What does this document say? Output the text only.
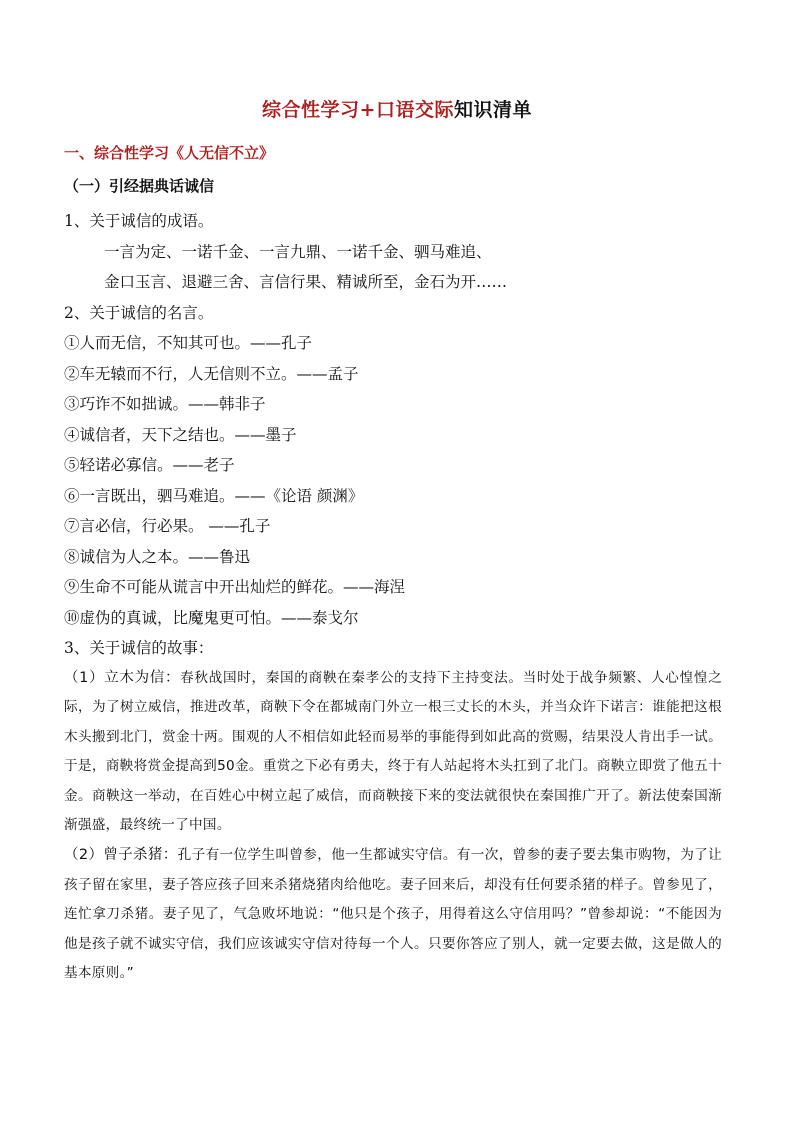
综合性学习+口语交际知识清单
一、综合性学习《人无信不立》
（一）引经据典话诚信
1、关于诚信的成语。
一言为定、一诺千金、一言九鼎、一诺千金、驷马难追、
金口玉言、退避三舍、言信行果、精诚所至，金石为开……
2、关于诚信的名言。
①人而无信，不知其可也。——孔子
②车无辕而不行，人无信则不立。——孟子
③巧诈不如拙诚。——韩非子
④诚信者，天下之结也。——墨子
⑤轻诺必寡信。——老子
⑥一言既出，驷马难追。——《论语 颜渊》
⑦言必信，行必果。 ——孔子
⑧诚信为人之本。——鲁迅
⑨生命不可能从谎言中开出灿烂的鲜花。——海涅
⑩虚伪的真诚，比魔鬼更可怕。——泰戈尔
3、关于诚信的故事：
（1）立木为信：春秋战国时，秦国的商鞅在秦孝公的支持下主持变法。当时处于战争频繁、人心惶惶之际，为了树立威信，推进改革，商鞅下令在都城南门外立一根三丈长的木头，并当众许下诺言：谁能把这根木头搬到北门，赏金十两。围观的人不相信如此轻而易举的事能得到如此高的赏赐，结果没人肯出手一试。于是，商鞅将赏金提高到50金。重赏之下必有勇夫，终于有人站起将木头扛到了北门。商鞅立即赏了他五十金。商鞅这一举动，在百姓心中树立起了威信，而商鞅接下来的变法就很快在秦国推广开了。新法使秦国渐渐强盛，最终统一了中国。
（2）曾子杀猪：孔子有一位学生叫曾参，他一生都诚实守信。有一次，曾参的妻子要去集市购物，为了让孩子留在家里，妻子答应孩子回来杀猪烧猪肉给他吃。妻子回来后，却没有任何要杀猪的样子。曾参见了，连忙拿刀杀猪。妻子见了，气急败坏地说：“他只是个孩子，用得着这么守信用吗？”曾参却说：“不能因为他是孩子就不诚实守信，我们应该诚实守信对待每一个人。只要你答应了别人，就一定要去做，这是做人的基本原则。”
